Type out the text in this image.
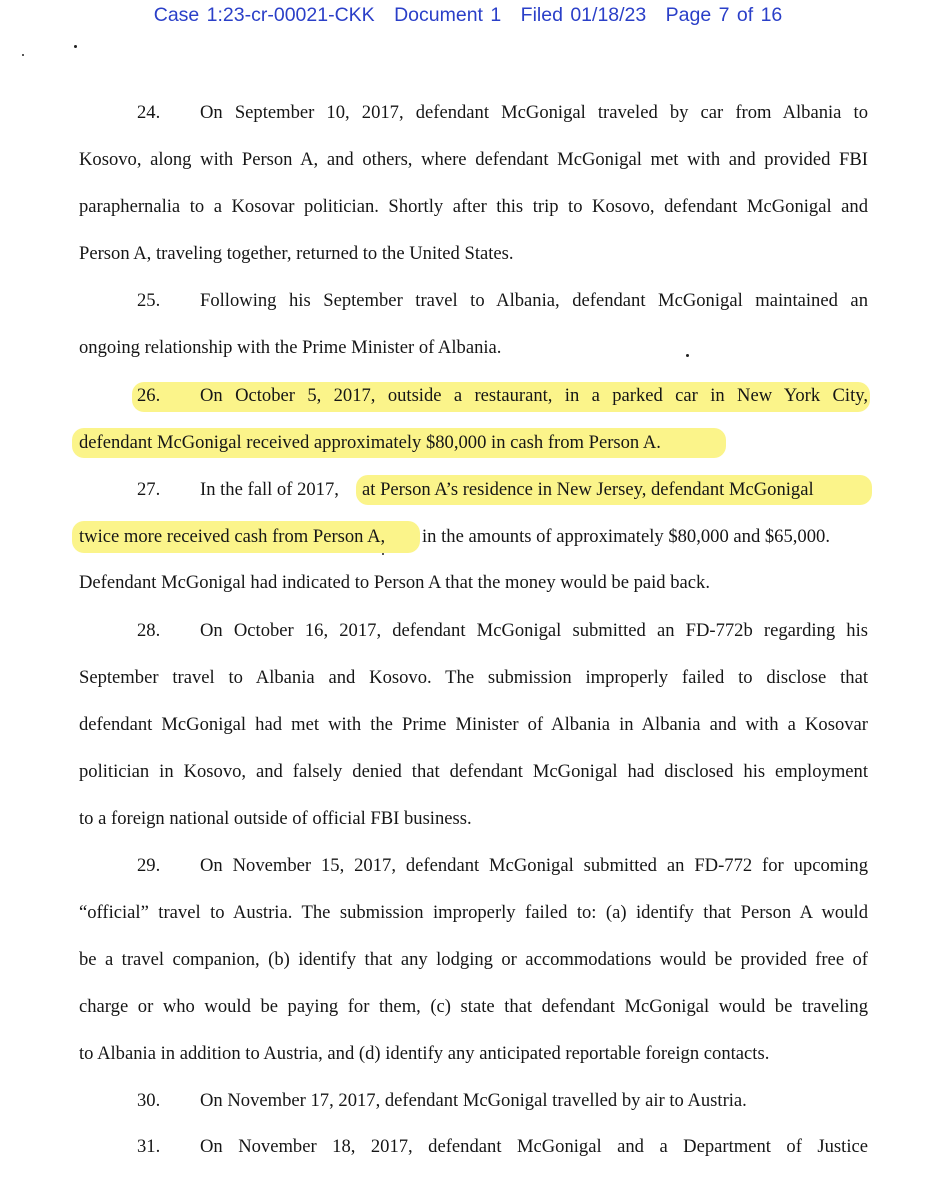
Case 1:23-cr-00021-CKK Document 1 Filed 01/18/23 Page 7 of 16
24. On September 10, 2017, defendant McGonigal traveled by car from Albania to
Kosovo, along with Person A, and others, where defendant McGonigal met with and provided FBI
paraphernalia to a Kosovar politician. Shortly after this trip to Kosovo, defendant McGonigal and
Person A, traveling together, returned to the United States.
25. Following his September travel to Albania, defendant McGonigal maintained an
ongoing relationship with the Prime Minister of Albania.
26. On October 5, 2017, outside a restaurant, in a parked car in New York City,
defendant McGonigal received approximately $80,000 in cash from Person A.
27. In the fall of 2017, at Person A’s residence in New Jersey, defendant McGonigal
twice more received cash from Person A, in the amounts of approximately $80,000 and $65,000.
Defendant McGonigal had indicated to Person A that the money would be paid back.
28. On October 16, 2017, defendant McGonigal submitted an FD-772b regarding his
September travel to Albania and Kosovo. The submission improperly failed to disclose that
defendant McGonigal had met with the Prime Minister of Albania in Albania and with a Kosovar
politician in Kosovo, and falsely denied that defendant McGonigal had disclosed his employment
to a foreign national outside of official FBI business.
29. On November 15, 2017, defendant McGonigal submitted an FD-772 for upcoming
“official” travel to Austria. The submission improperly failed to: (a) identify that Person A would
be a travel companion, (b) identify that any lodging or accommodations would be provided free of
charge or who would be paying for them, (c) state that defendant McGonigal would be traveling
to Albania in addition to Austria, and (d) identify any anticipated reportable foreign contacts.
30. On November 17, 2017, defendant McGonigal travelled by air to Austria.
31. On November 18, 2017, defendant McGonigal and a Department of Justice
